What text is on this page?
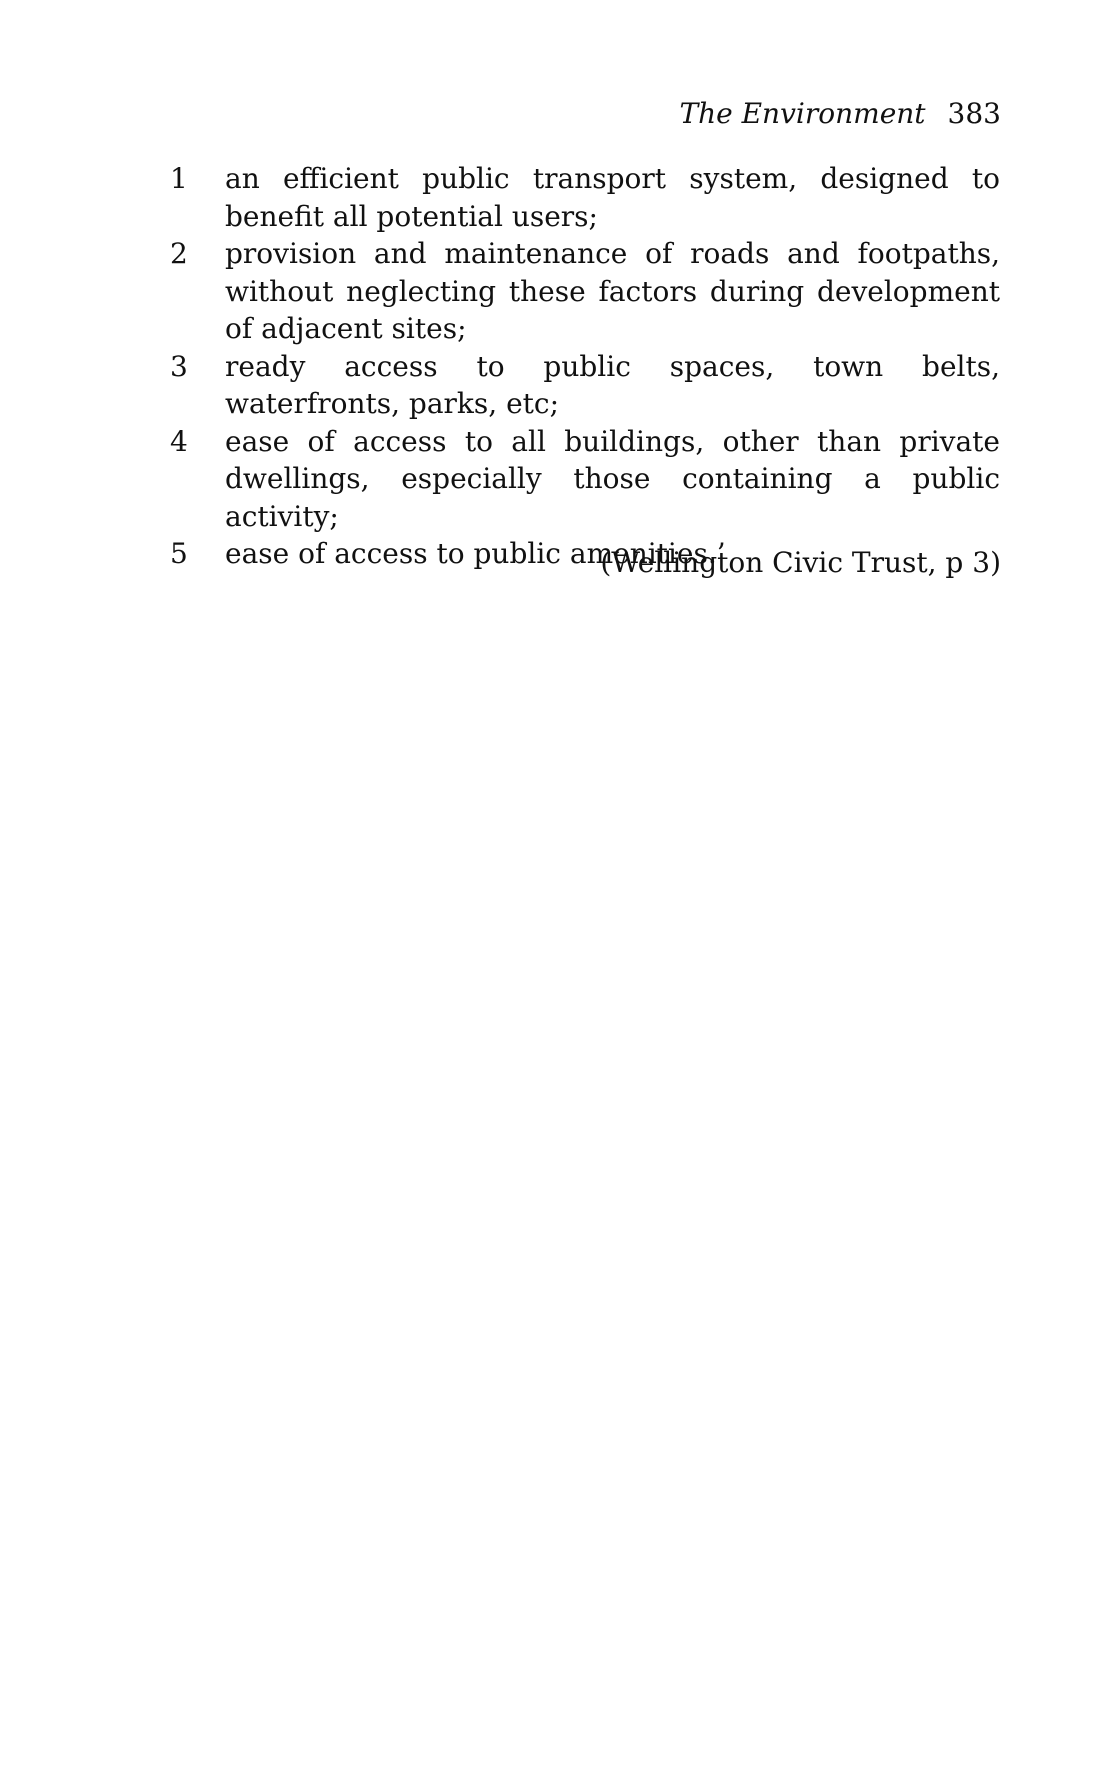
The Environment 383
1	an efficient public transport system, designed to benefit all potential users;
2	provision and maintenance of roads and footpaths, without neglecting these factors during development of adjacent sites;
3	ready access to public spaces, town belts, waterfronts, parks, etc;
4	ease of access to all buildings, other than private dwellings, especially those containing a public activity;
5	ease of access to public amenities.’
(Wellington Civic Trust, p 3)
